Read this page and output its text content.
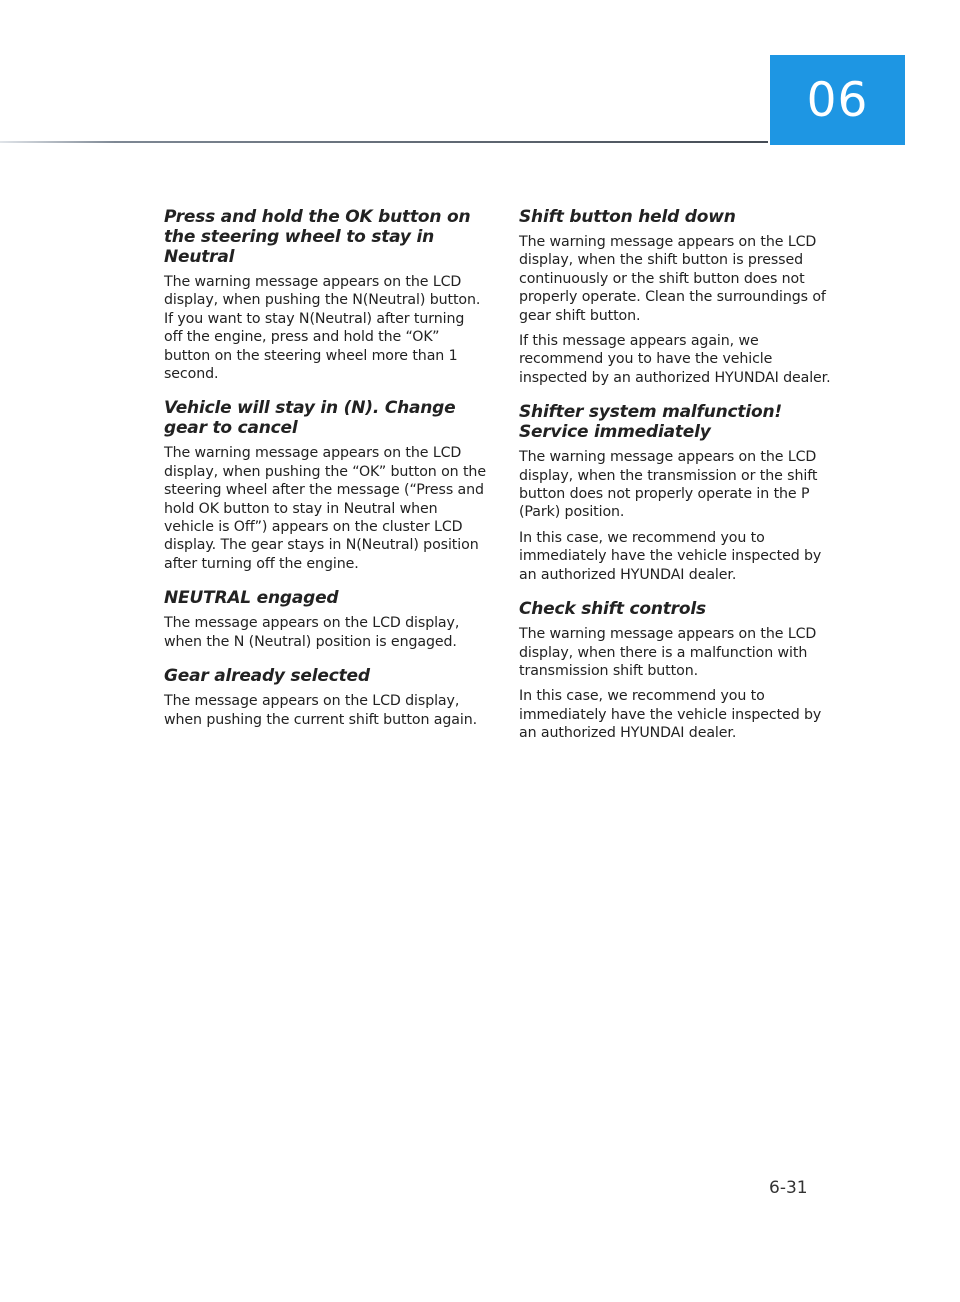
06
Press and hold the OK button on the steering wheel to stay in Neutral

The warning message appears on the LCD display, when pushing the N(Neutral) button. If you want to stay N(Neutral) after turning off the engine, press and hold the “OK” button on the steering wheel more than 1 second.

Vehicle will stay in (N). Change gear to cancel

The warning message appears on the LCD display, when pushing the “OK” button on the steering wheel after the message (“Press and hold OK button to stay in Neutral when vehicle is Off”) appears on the cluster LCD display. The gear stays in N(Neutral) position after turning off the engine.

NEUTRAL engaged

The message appears on the LCD display, when the N (Neutral) position is engaged.

Gear already selected

The message appears on the LCD display, when pushing the current shift button again.

Shift button held down

The warning message appears on the LCD display, when the shift button is pressed continuously or the shift button does not properly operate. Clean the surroundings of gear shift button.

If this message appears again, we recommend you to have the vehicle inspected by an authorized HYUNDAI dealer.

Shifter system malfunction! Service immediately

The warning message appears on the LCD display, when the transmission or the shift button does not properly operate in the P (Park) position.

In this case, we recommend you to immediately have the vehicle inspected by an authorized HYUNDAI dealer.

Check shift controls

The warning message appears on the LCD display, when there is a malfunction with transmission shift button.

In this case, we recommend you to immediately have the vehicle inspected by an authorized HYUNDAI dealer.

6-31
